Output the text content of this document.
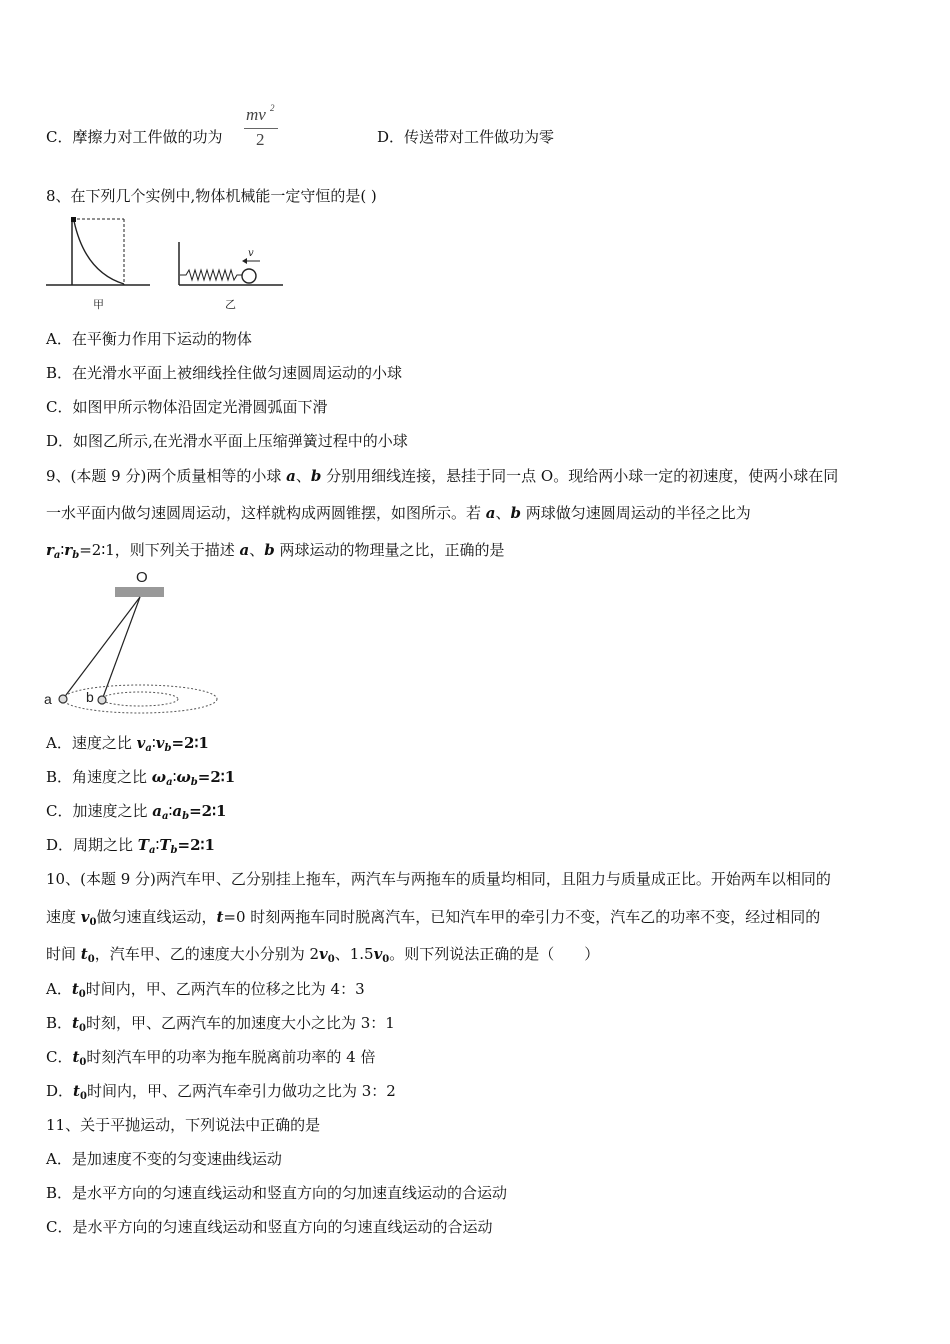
C．摩擦力对工件做的功为
mv 2
2	D．传送带对工件做功为零
8、在下列几个实例中,物体机械能一定守恒的是( )
甲	乙
v
A．在平衡力作用下运动的物体
B．在光滑水平面上被细线拴住做匀速圆周运动的小球
C．如图甲所示物体沿固定光滑圆弧面下滑
D．如图乙所示,在光滑水平面上压缩弹簧过程中的小球
9、(本题 9 分)两个质量相等的小球 a、b 分别用细线连接，悬挂于同一点 O。现给两小球一定的初速度，使两小球在同
一水平面内做匀速圆周运动，这样就构成两圆锥摆，如图所示。若 a、b 两球做匀速圆周运动的半径之比为
$r_a∶r_b=2∶1$，则下列关于描述 a、b 两球运动的物理量之比，正确的是
O
a b
A．速度之比 $v_a∶v_b=2∶1$
B．角速度之比 $\omega_a∶\omega_b=2∶1$
C．加速度之比 $a_a∶a_b=2∶1$
D．周期之比 $T_a∶T_b=2∶1$
10、(本题 9 分)两汽车甲、乙分别挂上拖车，两汽车与两拖车的质量均相同，且阻力与质量成正比。开始两车以相同的
速度 $v_0$做匀速直线运动，t=0 时刻两拖车同时脱离汽车，已知汽车甲的牵引力不变，汽车乙的功率不变，经过相同的
时间 $t_0$，汽车甲、乙的速度大小分别为 $2v_0$、$1.5v_0$。则下列说法正确的是（　　）
A．$t_0$时间内，甲、乙两汽车的位移之比为 4：3
B．$t_0$时刻，甲、乙两汽车的加速度大小之比为 3：1
C．$t_0$时刻汽车甲的功率为拖车脱离前功率的 4 倍
D．$t_0$时间内，甲、乙两汽车牵引力做功之比为 3：2
11、关于平抛运动，下列说法中正确的是
A．是加速度不变的匀变速曲线运动
B．是水平方向的匀速直线运动和竖直方向的匀加速直线运动的合运动
C．是水平方向的匀速直线运动和竖直方向的匀速直线运动的合运动
